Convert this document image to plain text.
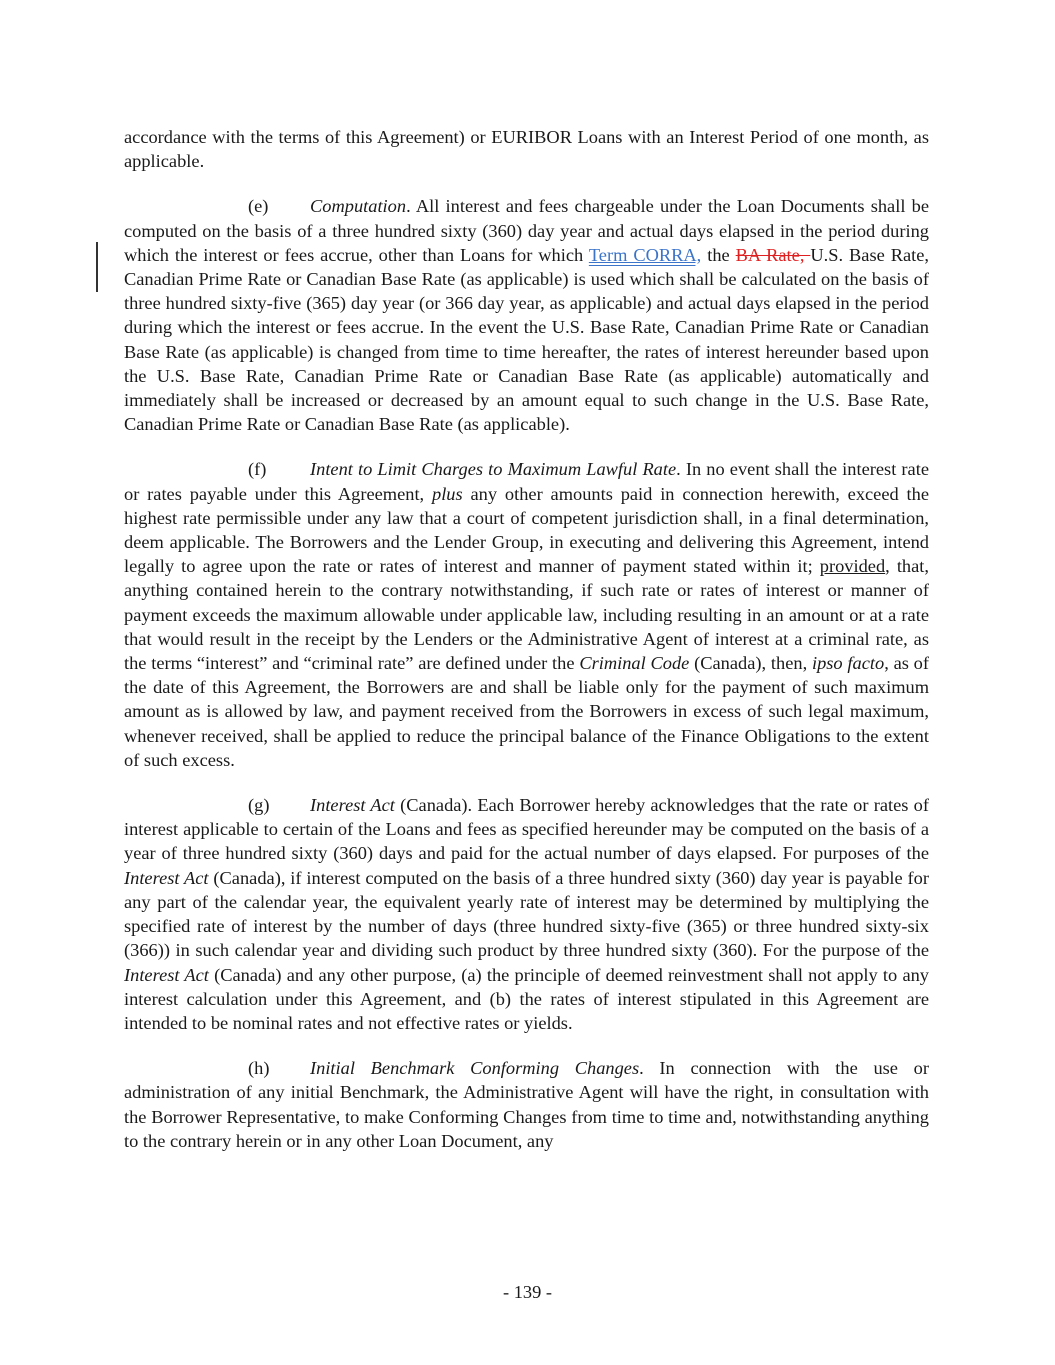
accordance with the terms of this Agreement) or EURIBOR Loans with an Interest Period of one month, as applicable.

(e) Computation. All interest and fees chargeable under the Loan Documents shall be computed on the basis of a three hundred sixty (360) day year and actual days elapsed in the period during which the interest or fees accrue, other than Loans for which Term CORRA, the BA Rate, U.S. Base Rate, Canadian Prime Rate or Canadian Base Rate (as applicable) is used which shall be calculated on the basis of three hundred sixty-five (365) day year (or 366 day year, as applicable) and actual days elapsed in the period during which the interest or fees accrue. In the event the U.S. Base Rate, Canadian Prime Rate or Canadian Base Rate (as applicable) is changed from time to time hereafter, the rates of interest hereunder based upon the U.S. Base Rate, Canadian Prime Rate or Canadian Base Rate (as applicable) automatically and immediately shall be increased or decreased by an amount equal to such change in the U.S. Base Rate, Canadian Prime Rate or Canadian Base Rate (as applicable).

(f) Intent to Limit Charges to Maximum Lawful Rate. In no event shall the interest rate or rates payable under this Agreement, plus any other amounts paid in connection herewith, exceed the highest rate permissible under any law that a court of competent jurisdiction shall, in a final determination, deem applicable. The Borrowers and the Lender Group, in executing and delivering this Agreement, intend legally to agree upon the rate or rates of interest and manner of payment stated within it; provided, that, anything contained herein to the contrary notwithstanding, if such rate or rates of interest or manner of payment exceeds the maximum allowable under applicable law, including resulting in an amount or at a rate that would result in the receipt by the Lenders or the Administrative Agent of interest at a criminal rate, as the terms “interest” and “criminal rate” are defined under the Criminal Code (Canada), then, ipso facto, as of the date of this Agreement, the Borrowers are and shall be liable only for the payment of such maximum amount as is allowed by law, and payment received from the Borrowers in excess of such legal maximum, whenever received, shall be applied to reduce the principal balance of the Finance Obligations to the extent of such excess.

(g) Interest Act (Canada). Each Borrower hereby acknowledges that the rate or rates of interest applicable to certain of the Loans and fees as specified hereunder may be computed on the basis of a year of three hundred sixty (360) days and paid for the actual number of days elapsed. For purposes of the Interest Act (Canada), if interest computed on the basis of a three hundred sixty (360) day year is payable for any part of the calendar year, the equivalent yearly rate of interest may be determined by multiplying the specified rate of interest by the number of days (three hundred sixty-five (365) or three hundred sixty-six (366)) in such calendar year and dividing such product by three hundred sixty (360). For the purpose of the Interest Act (Canada) and any other purpose, (a) the principle of deemed reinvestment shall not apply to any interest calculation under this Agreement, and (b) the rates of interest stipulated in this Agreement are intended to be nominal rates and not effective rates or yields.

(h) Initial Benchmark Conforming Changes. In connection with the use or administration of any initial Benchmark, the Administrative Agent will have the right, in consultation with the Borrower Representative, to make Conforming Changes from time to time and, notwithstanding anything to the contrary herein or in any other Loan Document, any

- 139 -
